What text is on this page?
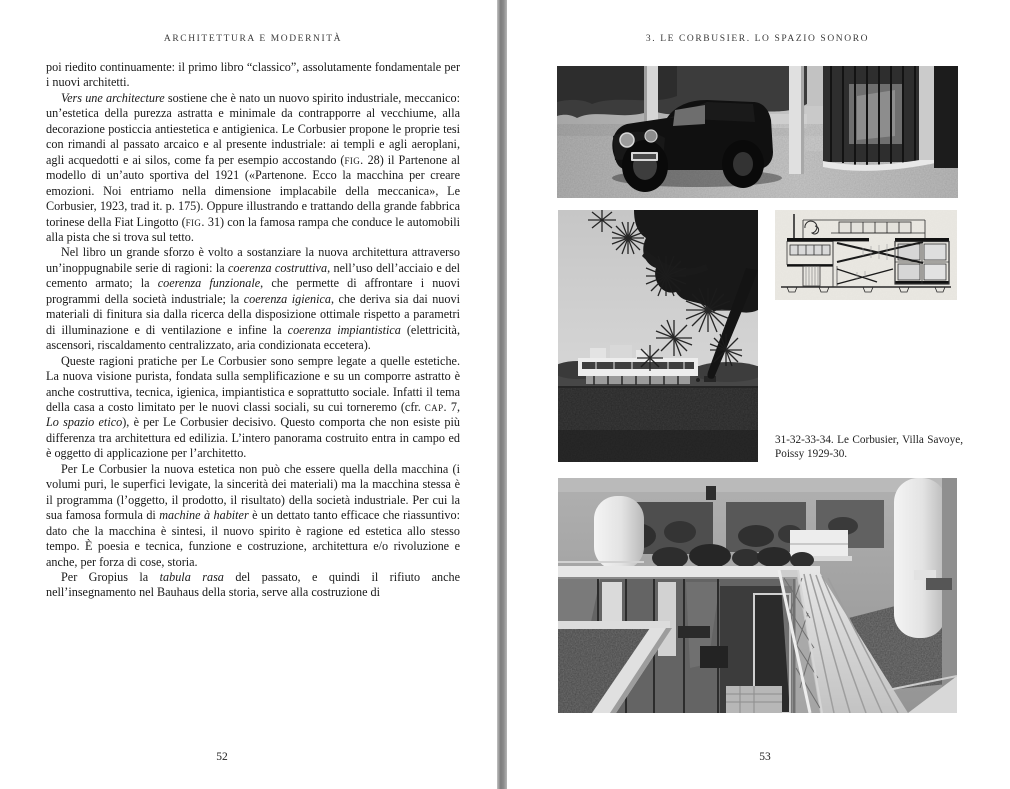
ARCHITETTURA E MODERNITÀ

poi riedito continuamente: il primo libro “classico”, assolutamente fondamentale per i nuovi architetti.

Vers une architecture sostiene che è nato un nuovo spirito industriale, meccanico: un’estetica della purezza astratta e minimale da contrapporre al vecchiume, alla decorazione posticcia antiestetica e antigienica. Le Corbusier propone le proprie tesi con rimandi al passato arcaico e al presente industriale: ai templi e agli aeroplani, agli acquedotti e ai silos, come fa per esempio accostando (fig. 28) il Partenone al modello di un’auto sportiva del 1921 («Partenone. Ecco la macchina per creare emozioni. Noi entriamo nella dimensione implacabile della meccanica», Le Corbusier, 1923, trad it. p. 175). Oppure illustrando e trattando della grande fabbrica torinese della Fiat Lingotto (fig. 31) con la famosa rampa che conduce le automobili alla pista che si trova sul tetto.

Nel libro un grande sforzo è volto a sostanziare la nuova architettura attraverso un’inoppugnabile serie di ragioni: la coerenza costruttiva, nell’uso dell’acciaio e del cemento armato; la coerenza funzionale, che permette di affrontare i nuovi programmi della società industriale; la coerenza igienica, che deriva sia dai nuovi materiali di finitura sia dalla ricerca della disposizione ottimale rispetto a parametri di illuminazione e di ventilazione e infine la coerenza impiantistica (elettricità, ascensori, riscaldamento centralizzato, aria condizionata eccetera).

Queste ragioni pratiche per Le Corbusier sono sempre legate a quelle estetiche. La nuova visione purista, fondata sulla semplificazione e su un comporre astratto è anche costruttiva, tecnica, igienica, impiantistica e soprattutto sociale. Infatti il tema della casa a costo limitato per le nuovi classi sociali, su cui torneremo (cfr. cap. 7, Lo spazio etico), è per Le Corbusier decisivo. Questo comporta che non esiste più differenza tra architettura ed edilizia. L’intero panorama costruito entra in campo ed è oggetto di applicazione per l’architetto.

Per Le Corbusier la nuova estetica non può che essere quella della macchina (i volumi puri, le superfici levigate, la sincerità dei materiali) ma la macchina stessa è il programma (l’oggetto, il prodotto, il risultato) della società industriale. Per cui la sua famosa formula di machine à habiter è un dettato tanto efficace che riassuntivo: dato che la macchina è sintesi, il nuovo spirito è ragione ed estetica allo stesso tempo. È poesia e tecnica, funzione e costruzione, architettura e/o rivoluzione e anche, per forza di cose, storia.

Per Gropius la tabula rasa del passato, e quindi il rifiuto anche nell’insegnamento nel Bauhaus della storia, serve alla costruzione di

52
3. LE CORBUSIER. LO SPAZIO SONORO
31-32-33-34. Le Corbusier, Villa Savoye, Poissy 1929-30.
53
